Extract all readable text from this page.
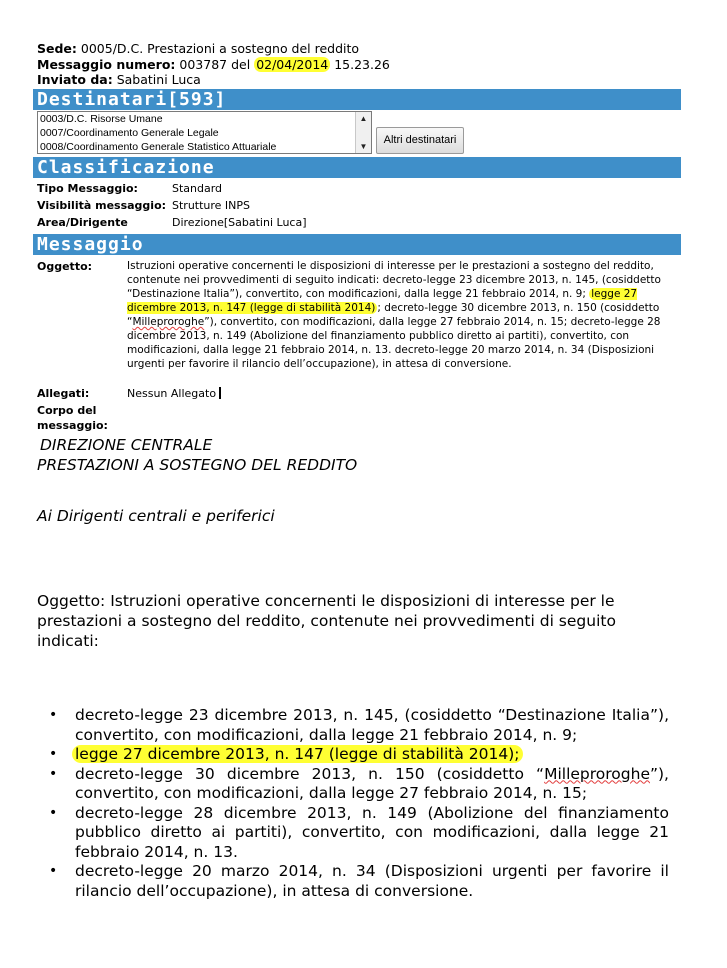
Sede: 0005/D.C. Prestazioni a sostegno del reddito
Messaggio numero: 003787 del 02/04/2014 15.23.26
Inviato da: Sabatini Luca
Destinatari[593]
0003/D.C. Risorse Umane
0007/Coordinamento Generale Legale
0008/Coordinamento Generale Statistico Attuariale
▲
▼
Altri destinatari
Classificazione
Tipo Messaggio:	Standard
Visibilità messaggio: Strutture INPS
Area/Dirigente	Direzione[Sabatini Luca]
Messaggio
Oggetto:	Istruzioni operative concernenti le disposizioni di interesse per le prestazioni a sostegno del reddito, contenute nei provvedimenti di seguito indicati: decreto-legge 23 dicembre 2013, n. 145, (cosiddetto “Destinazione Italia”), convertito, con modificazioni, dalla legge 21 febbraio 2014, n. 9; legge 27 dicembre 2013, n. 147 (legge di stabilità 2014) ; decreto-legge 30 dicembre 2013, n. 150 (cosiddetto “Milleproroghe”), convertito, con modificazioni, dalla legge 27 febbraio 2014, n. 15; decreto-legge 28 dicembre 2013, n. 149 (Abolizione del finanziamento pubblico diretto ai partiti), convertito, con modificazioni, dalla legge 21 febbraio 2014, n. 13. decreto-legge 20 marzo 2014, n. 34 (Disposizioni urgenti per favorire il rilancio dell’occupazione), in attesa di conversione.
Allegati:	Nessun Allegato
Corpo del
messaggio:
DIREZIONE CENTRALE
PRESTAZIONI A SOSTEGNO DEL REDDITO
Ai Dirigenti centrali e periferici
Oggetto: Istruzioni operative concernenti le disposizioni di interesse per le prestazioni a sostegno del reddito, contenute nei provvedimenti di seguito indicati:
• decreto-legge 23 dicembre 2013, n. 145, (cosiddetto “Destinazione Italia”), convertito, con modificazioni, dalla legge 21 febbraio 2014, n. 9;
• legge 27 dicembre 2013, n. 147 (legge di stabilità 2014);
• decreto-legge 30 dicembre 2013, n. 150 (cosiddetto “Milleproroghe”), convertito, con modificazioni, dalla legge 27 febbraio 2014, n. 15;
• decreto-legge 28 dicembre 2013, n. 149 (Abolizione del finanziamento pubblico diretto ai partiti), convertito, con modificazioni, dalla legge 21 febbraio 2014, n. 13.
• decreto-legge 20 marzo 2014, n. 34 (Disposizioni urgenti per favorire il rilancio dell’occupazione), in attesa di conversione.
